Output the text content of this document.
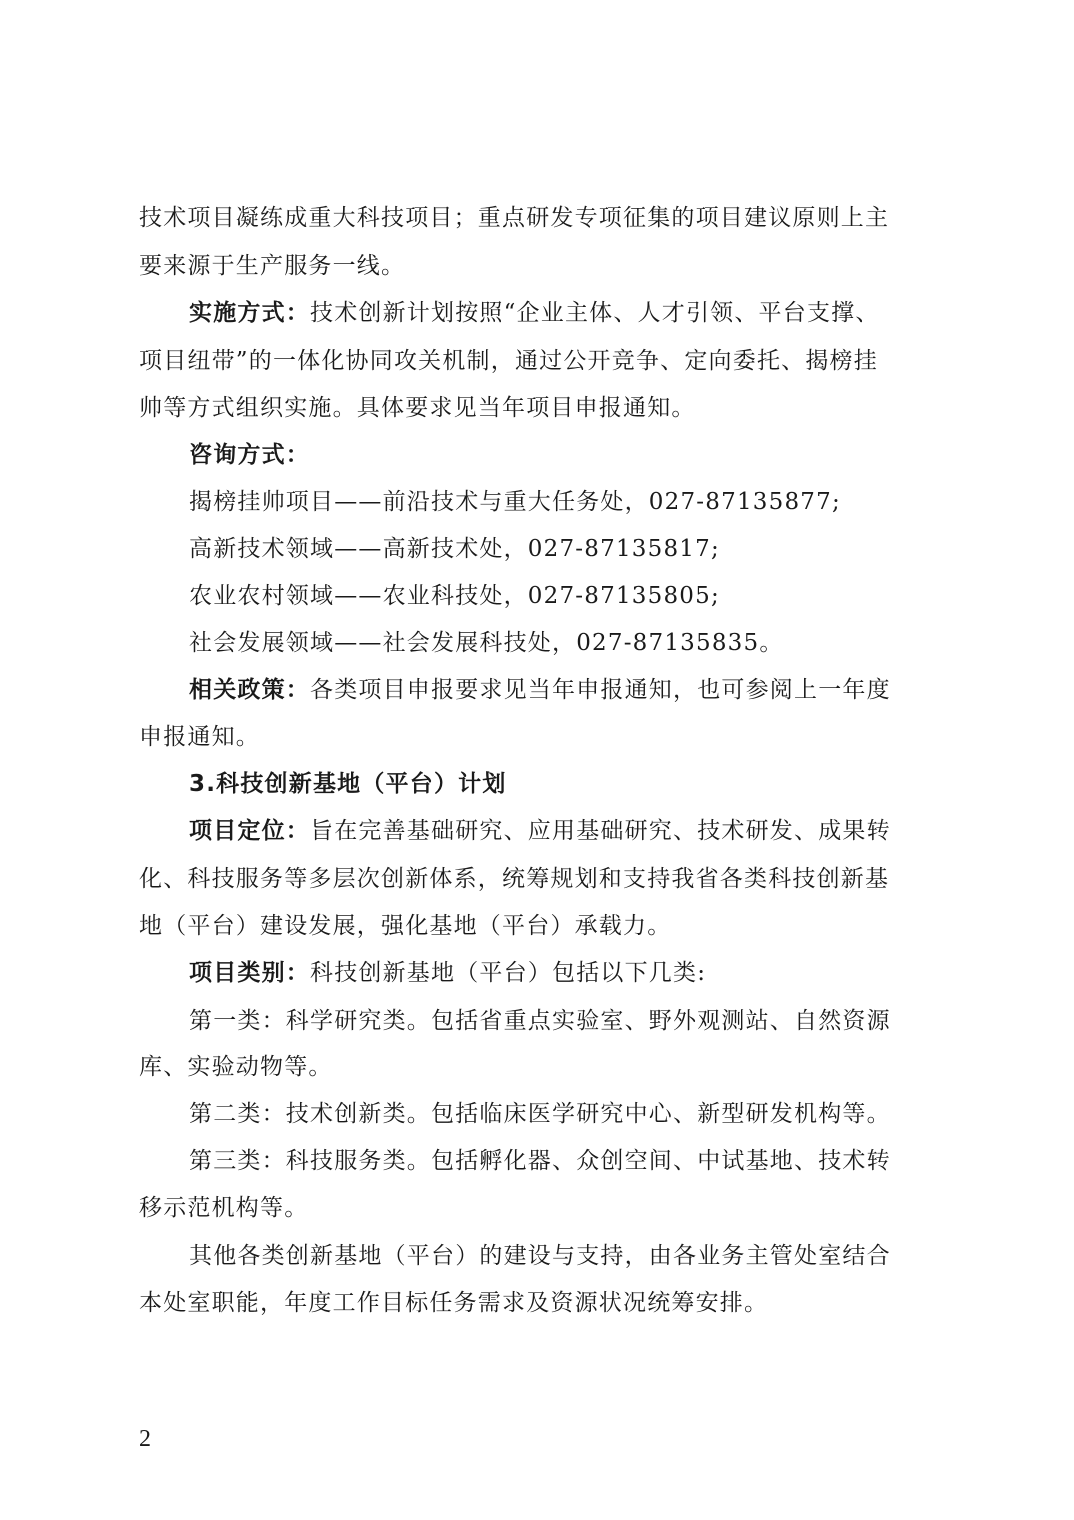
技术项目凝练成重大科技项目；重点研发专项征集的项目建议原则上主
要来源于生产服务一线。
实施方式：技术创新计划按照“企业主体、人才引领、平台支撑、
项目纽带”的一体化协同攻关机制，通过公开竞争、定向委托、揭榜挂
帅等方式组织实施。具体要求见当年项目申报通知。
咨询方式：
揭榜挂帅项目——前沿技术与重大任务处，027-87135877;
高新技术领域——高新技术处，027-87135817;
农业农村领域——农业科技处，027-87135805;
社会发展领域——社会发展科技处，027-87135835。
相关政策：各类项目申报要求见当年申报通知，也可参阅上一年度
申报通知。
3.科技创新基地（平台）计划
项目定位：旨在完善基础研究、应用基础研究、技术研发、成果转
化、科技服务等多层次创新体系，统筹规划和支持我省各类科技创新基
地（平台）建设发展，强化基地（平台）承载力。
项目类别：科技创新基地（平台）包括以下几类:
第一类：科学研究类。包括省重点实验室、野外观测站、自然资源
库、实验动物等。
第二类：技术创新类。包括临床医学研究中心、新型研发机构等。
第三类：科技服务类。包括孵化器、众创空间、中试基地、技术转
移示范机构等。
其他各类创新基地（平台）的建设与支持，由各业务主管处室结合
本处室职能，年度工作目标任务需求及资源状况统筹安排。
2
